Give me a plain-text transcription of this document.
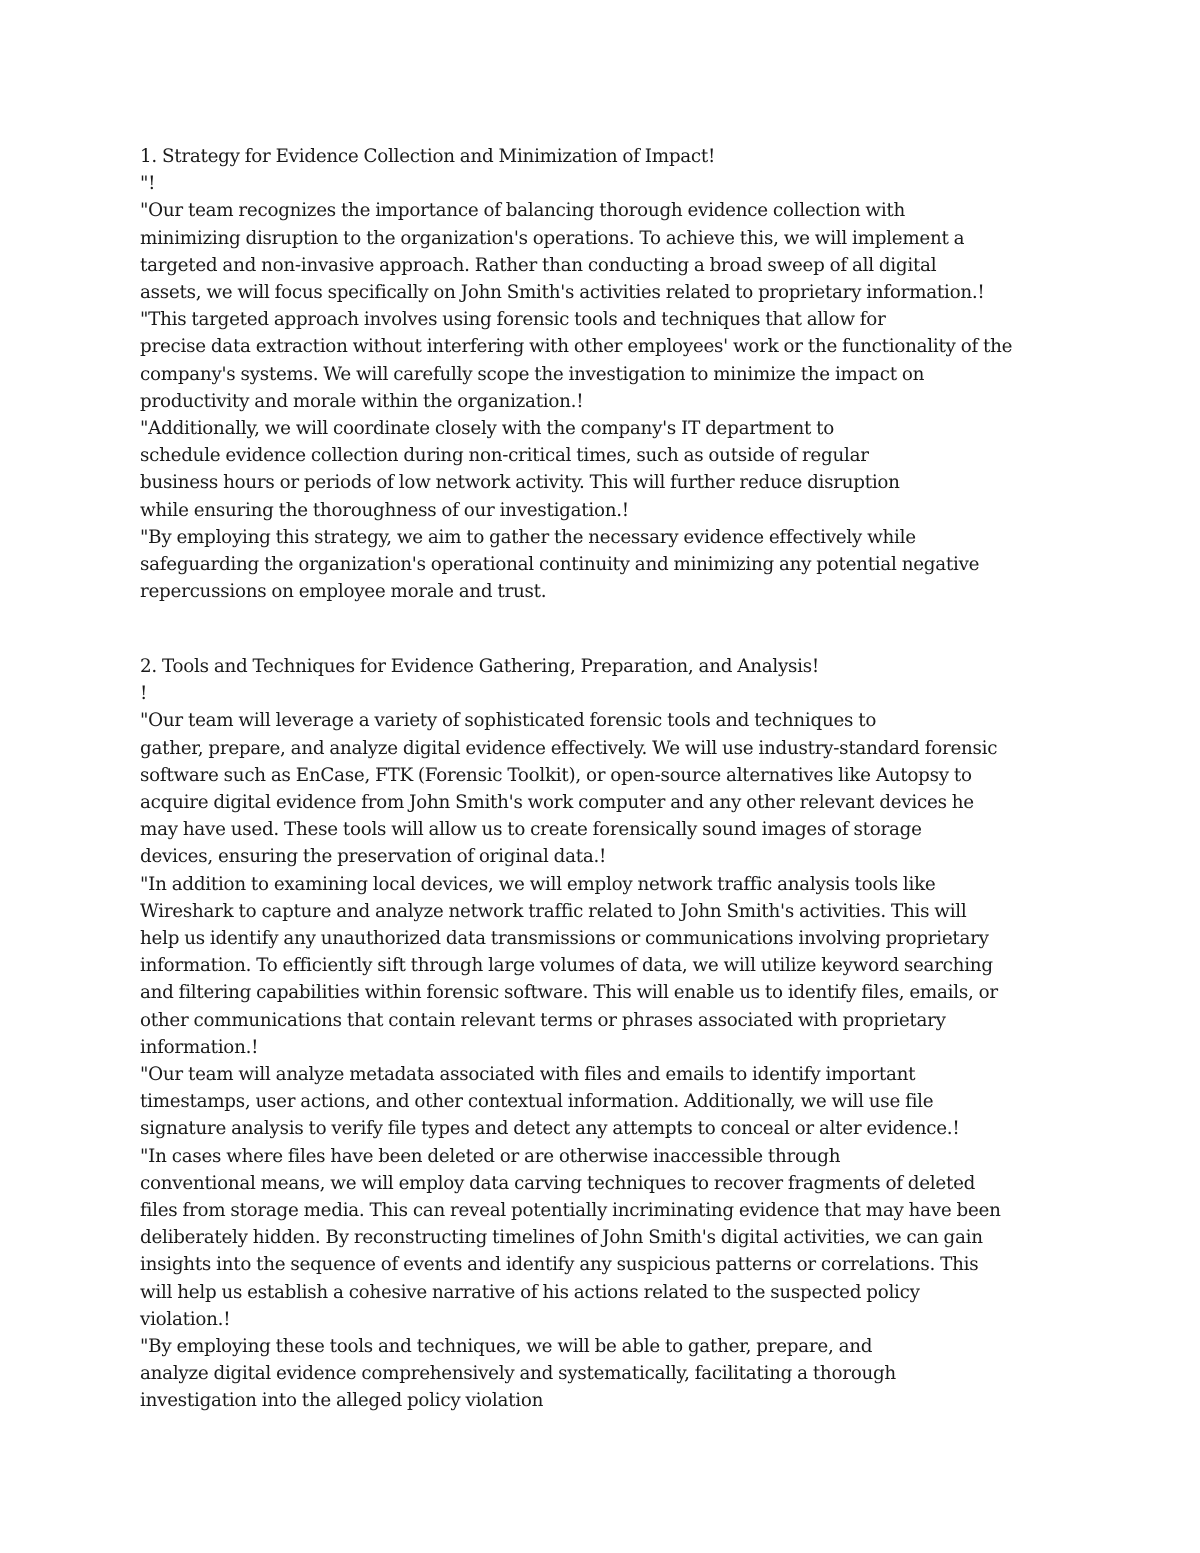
1. Strategy for Evidence Collection and Minimization of Impact!
"!
"Our team recognizes the importance of balancing thorough evidence collection with
minimizing disruption to the organization's operations. To achieve this, we will implement a
targeted and non-invasive approach. Rather than conducting a broad sweep of all digital
assets, we will focus specifically on John Smith's activities related to proprietary information.!
"This targeted approach involves using forensic tools and techniques that allow for
precise data extraction without interfering with other employees' work or the functionality of the
company's systems. We will carefully scope the investigation to minimize the impact on
productivity and morale within the organization.!
"Additionally, we will coordinate closely with the company's IT department to
schedule evidence collection during non-critical times, such as outside of regular
business hours or periods of low network activity. This will further reduce disruption
while ensuring the thoroughness of our investigation.!
"By employing this strategy, we aim to gather the necessary evidence effectively while
safeguarding the organization's operational continuity and minimizing any potential negative
repercussions on employee morale and trust.
2. Tools and Techniques for Evidence Gathering, Preparation, and Analysis!
!
"Our team will leverage a variety of sophisticated forensic tools and techniques to
gather, prepare, and analyze digital evidence effectively. We will use industry-standard forensic
software such as EnCase, FTK (Forensic Toolkit), or open-source alternatives like Autopsy to
acquire digital evidence from John Smith's work computer and any other relevant devices he
may have used. These tools will allow us to create forensically sound images of storage
devices, ensuring the preservation of original data.!
"In addition to examining local devices, we will employ network traffic analysis tools like
Wireshark to capture and analyze network traffic related to John Smith's activities. This will
help us identify any unauthorized data transmissions or communications involving proprietary
information. To efficiently sift through large volumes of data, we will utilize keyword searching
and filtering capabilities within forensic software. This will enable us to identify files, emails, or
other communications that contain relevant terms or phrases associated with proprietary
information.!
"Our team will analyze metadata associated with files and emails to identify important
timestamps, user actions, and other contextual information. Additionally, we will use file
signature analysis to verify file types and detect any attempts to conceal or alter evidence.!
"In cases where files have been deleted or are otherwise inaccessible through
conventional means, we will employ data carving techniques to recover fragments of deleted
files from storage media. This can reveal potentially incriminating evidence that may have been
deliberately hidden. By reconstructing timelines of John Smith's digital activities, we can gain
insights into the sequence of events and identify any suspicious patterns or correlations. This
will help us establish a cohesive narrative of his actions related to the suspected policy
violation.!
"By employing these tools and techniques, we will be able to gather, prepare, and
analyze digital evidence comprehensively and systematically, facilitating a thorough
investigation into the alleged policy violation
